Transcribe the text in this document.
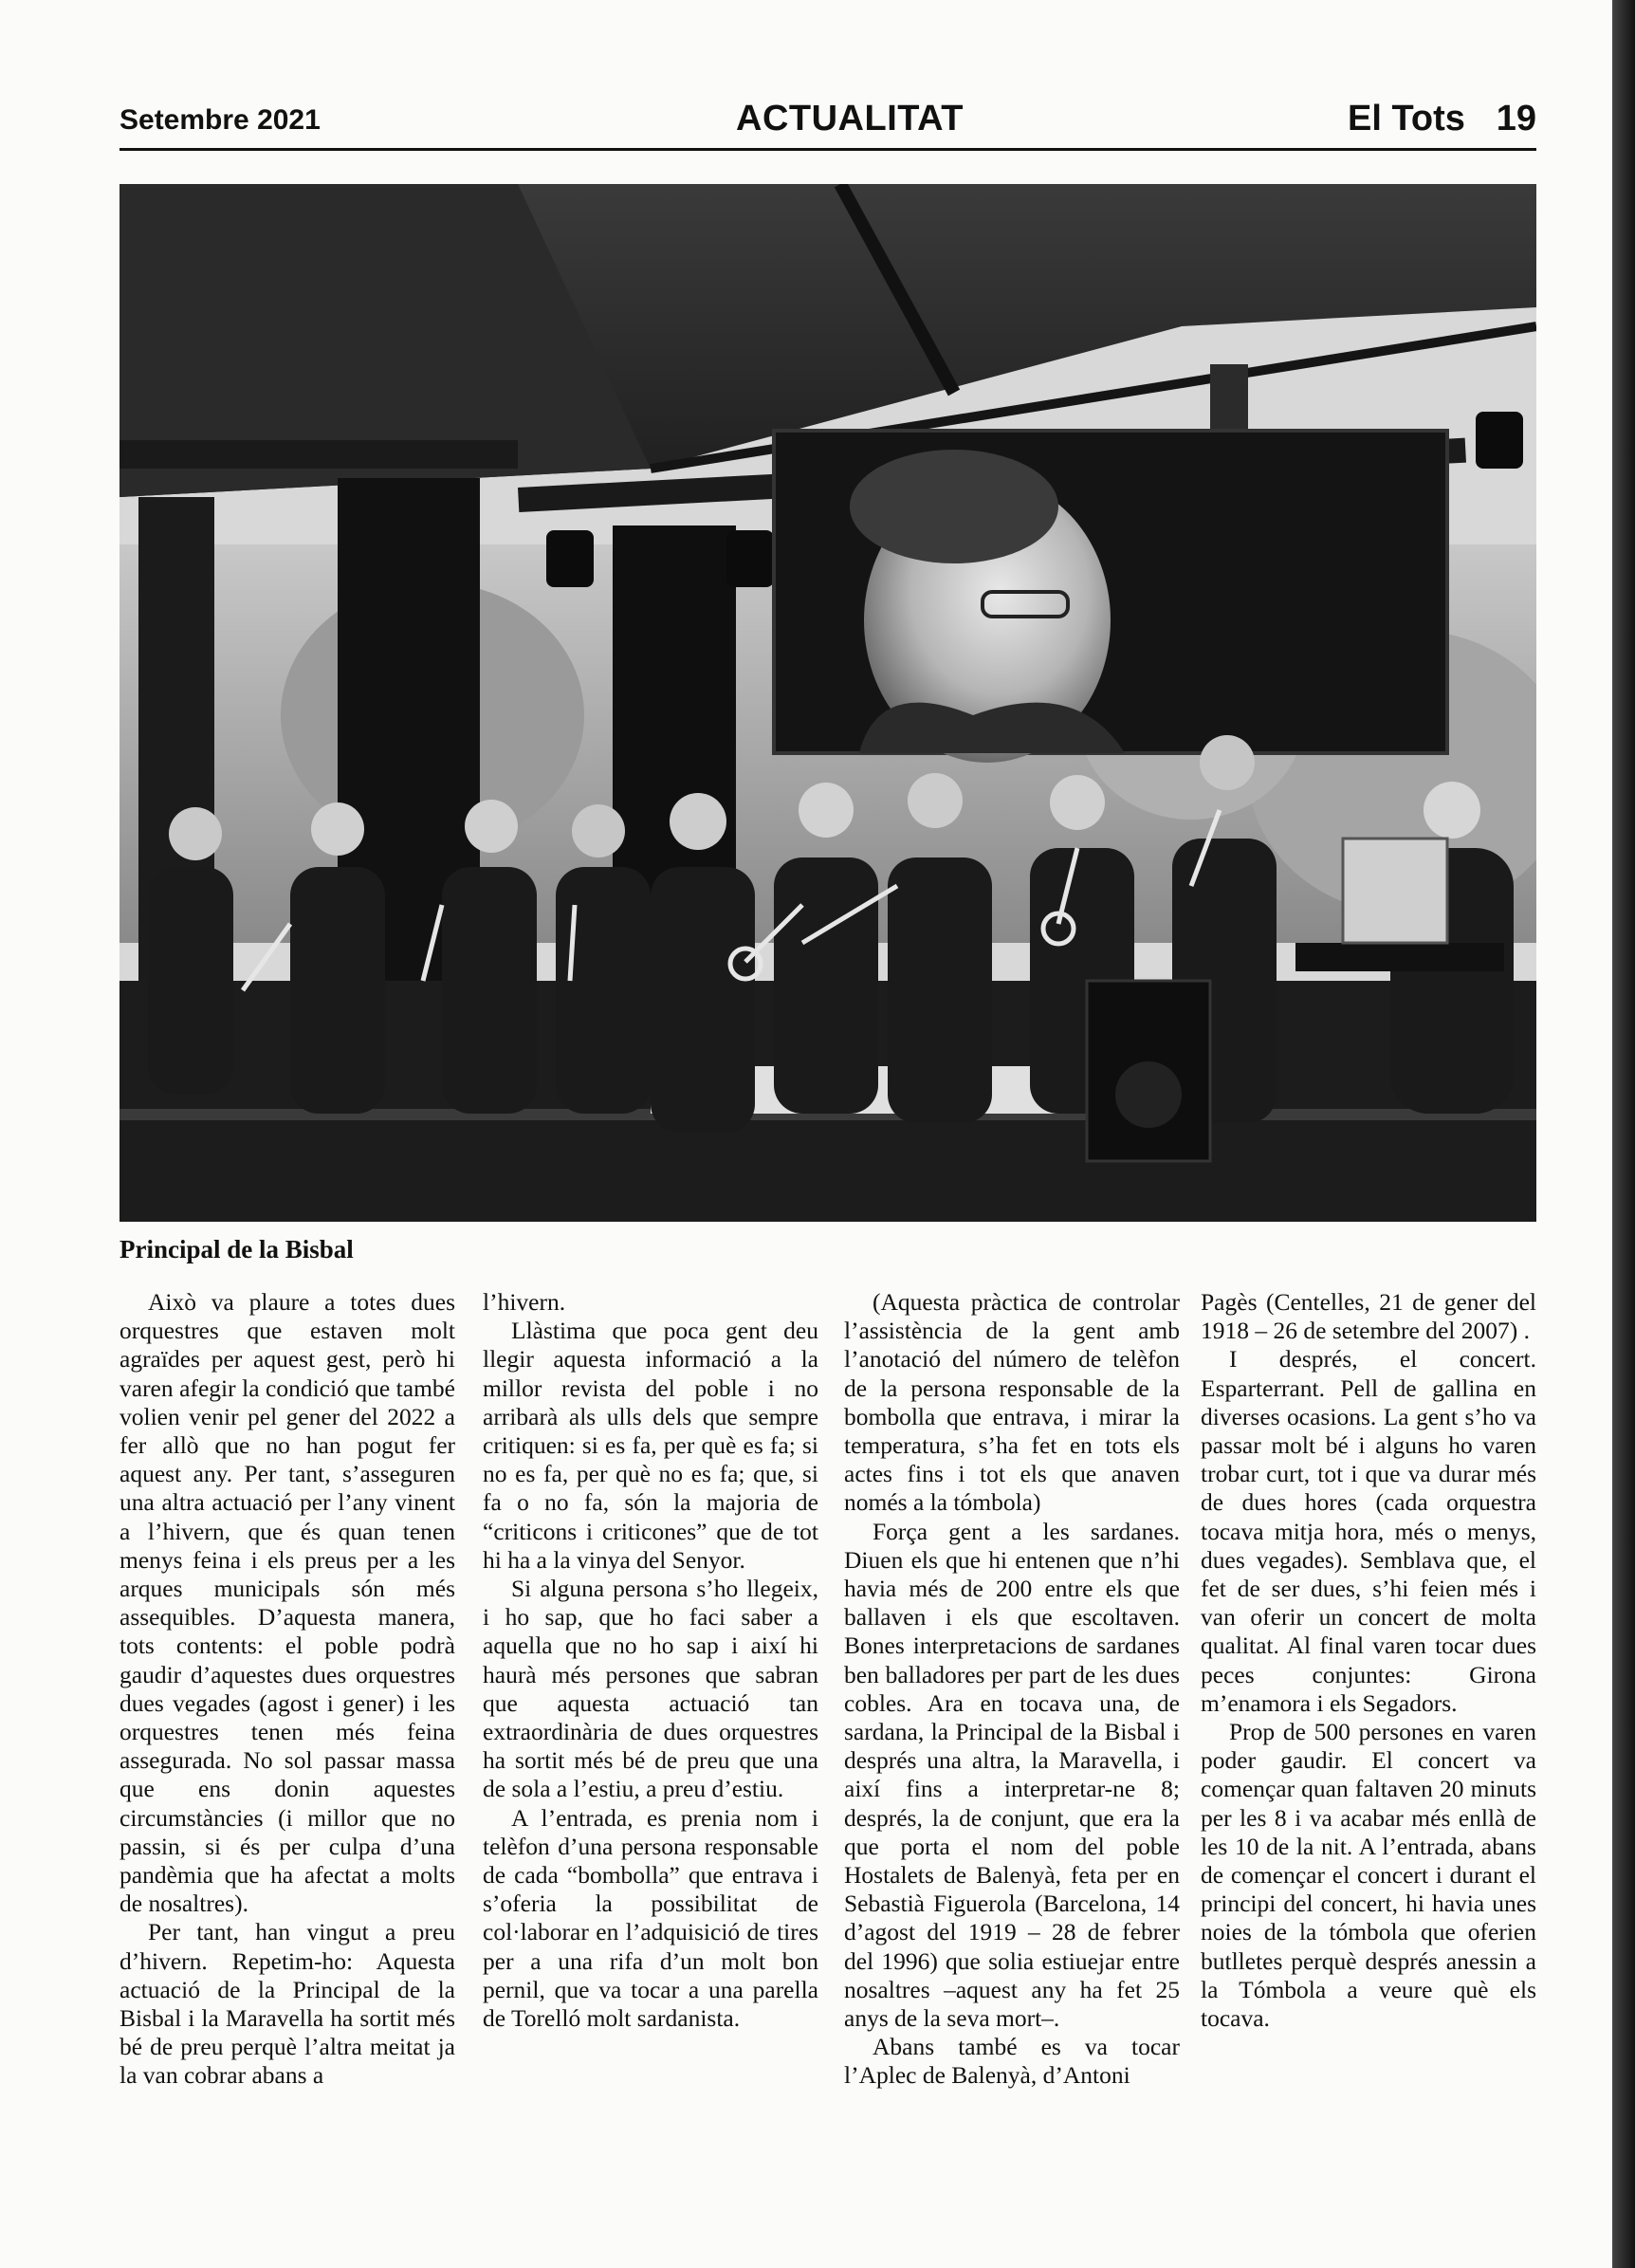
Setembre 2021	ACTUALITAT	El Tots 19
Principal de la Bisbal

Això va plaure a totes dues orquestres que estaven molt agraïdes per aquest gest, però hi varen afegir la condició que també volien venir pel gener del 2022 a fer allò que no han pogut fer aquest any. Per tant, s’asseguren una altra actuació per l’any vinent a l’hivern, que és quan tenen menys feina i els preus per a les arques municipals són més assequibles. D’aquesta manera, tots contents: el poble podrà gaudir d’aquestes dues orquestres dues vegades (agost i gener) i les orquestres tenen més feina assegurada. No sol passar massa que ens donin aquestes circumstàncies (i millor que no passin, si és per culpa d’una pandèmia que ha afectat a molts de nosaltres).

Per tant, han vingut a preu d’hivern. Repetim-ho: Aquesta actuació de la Principal de la Bisbal i la Maravella ha sortit més bé de preu perquè l’altra meitat ja la van cobrar abans a

l’hivern.

Llàstima que poca gent deu llegir aquesta informació a la millor revista del poble i no arribarà als ulls dels que sempre critiquen: si es fa, per què es fa; si no es fa, per què no es fa; que, si fa o no fa, són la majoria de “criticons i criticones” que de tot hi ha a la vinya del Senyor.

Si alguna persona s’ho llegeix, i ho sap, que ho faci saber a aquella que no ho sap i així hi haurà més persones que sabran que aquesta actuació tan extraordinària de dues orquestres ha sortit més bé de preu que una de sola a l’estiu, a preu d’estiu.

A l’entrada, es prenia nom i telèfon d’una persona responsable de cada “bombolla” que entrava i s’oferia la possibilitat de col·laborar en l’adquisició de tires per a una rifa d’un molt bon pernil, que va tocar a una parella de Torelló molt sardanista.

(Aquesta pràctica de controlar l’assistència de la gent amb l’anotació del número de telèfon de la persona responsable de la bombolla que entrava, i mirar la temperatura, s’ha fet en tots els actes fins i tot els que anaven només a la tómbola)

Força gent a les sardanes. Diuen els que hi entenen que n’hi havia més de 200 entre els que ballaven i els que escoltaven. Bones interpretacions de sardanes ben balladores per part de les dues cobles. Ara en tocava una, de sardana, la Principal de la Bisbal i després una altra, la Maravella, i així fins a interpretar-ne 8; després, la de conjunt, que era la que porta el nom del poble Hostalets de Balenyà, feta per en Sebastià Figuerola (Barcelona, 14 d’agost del 1919 – 28 de febrer del 1996) que solia estiuejar entre nosaltres –aquest any ha fet 25 anys de la seva mort–.

Abans també es va tocar l’Aplec de Balenyà, d’Antoni

Pagès (Centelles, 21 de gener del 1918 – 26 de setembre del 2007) .

I després, el concert. Esparterrant. Pell de gallina en diverses ocasions. La gent s’ho va passar molt bé i alguns ho varen trobar curt, tot i que va durar més de dues hores (cada orquestra tocava mitja hora, més o menys, dues vegades). Semblava que, el fet de ser dues, s’hi feien més i van oferir un concert de molta qualitat. Al final varen tocar dues peces conjuntes: Girona m’enamora i els Segadors.

Prop de 500 persones en varen poder gaudir. El concert va començar quan faltaven 20 minuts per les 8 i va acabar més enllà de les 10 de la nit. A l’entrada, abans de començar el concert i durant el principi del concert, hi havia unes noies de la tómbola que oferien butlletes perquè després anessin a la Tómbola a veure què els tocava.
